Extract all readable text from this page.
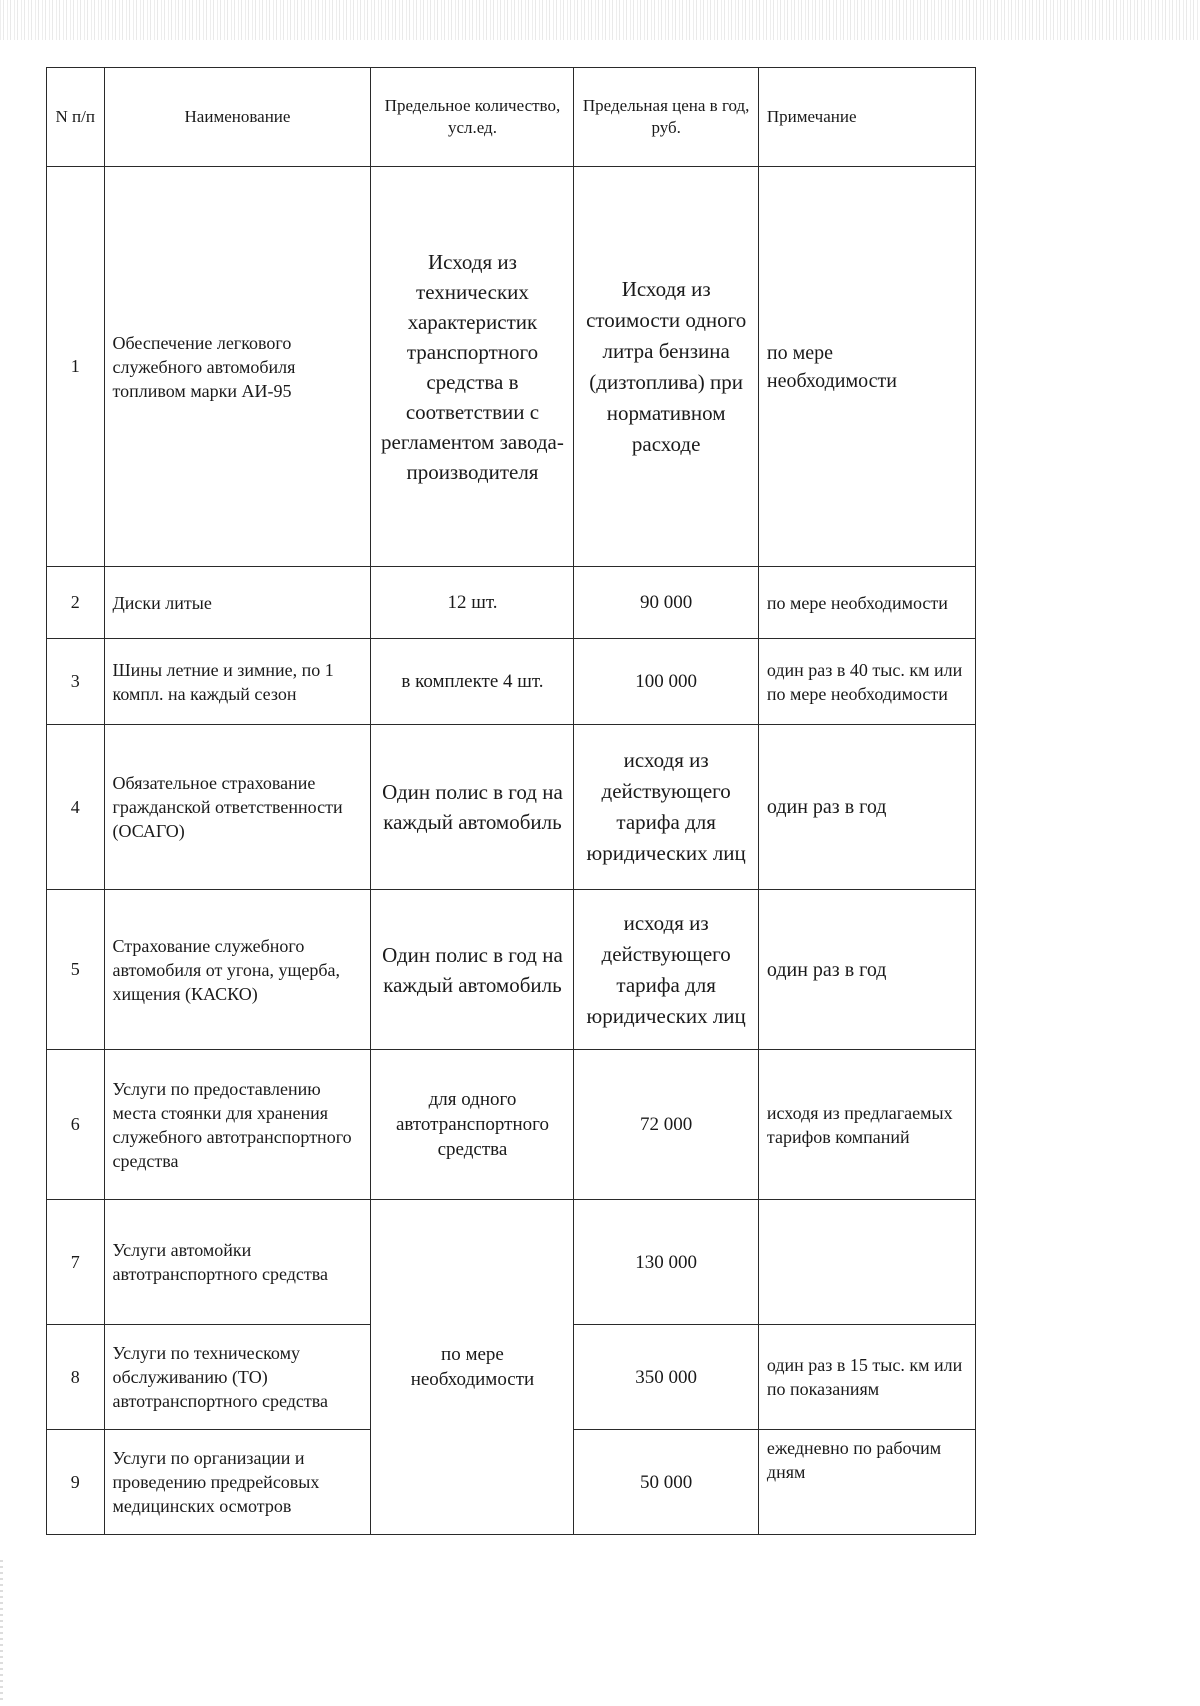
N п/п	Наименование	Предельное количество, усл.ед.	Предельная цена в год, руб.	Примечание
1	Обеспечение легкового служебного автомобиля топливом марки АИ-95	Исходя из технических характеристик транспортного средства в соответствии с регламентом завода-производителя	Исходя из стоимости одного литра бензина (дизтоплива) при нормативном расходе	по мере необходимости
2	Диски литые	12 шт.	90 000	по мере необходимости
3	Шины летние и зимние, по 1 компл. на каждый сезон	в комплекте 4 шт.	100 000	один раз в 40 тыс. км или по мере необходимости
4	Обязательное страхование гражданской ответственности (ОСАГО)	Один полис в год на каждый автомобиль	исходя из действующего тарифа для юридических лиц	один раз в год
5	Страхование служебного автомобиля от угона, ущерба, хищения (КАСКО)	Один полис в год на каждый автомобиль	исходя из действующего тарифа для юридических лиц	один раз в год
6	Услуги по предоставлению места стоянки для хранения служебного автотранспортного средства	для одного автотранспортного средства	72 000	исходя из предлагаемых тарифов компаний
7	Услуги автомойки автотранспортного средства	по мере необходимости	130 000	
8	Услуги по техническому обслуживанию (ТО) автотранспортного средства		350 000	один раз в 15 тыс. км или по показаниям
9	Услуги по организации и проведению предрейсовых медицинских осмотров		50 000	ежедневно по рабочим дням
